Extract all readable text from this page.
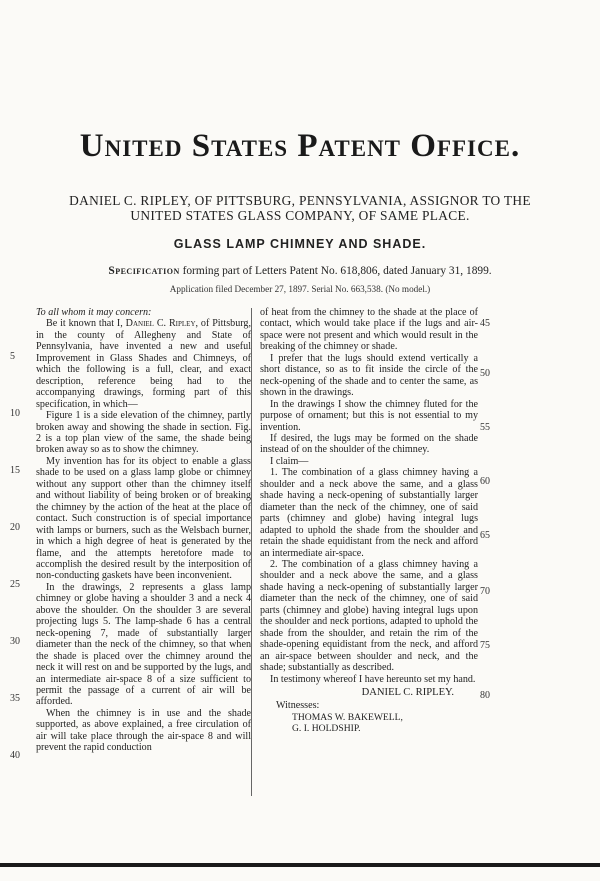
United States Patent Office.
DANIEL C. RIPLEY, OF PITTSBURG, PENNSYLVANIA, ASSIGNOR TO THE
UNITED STATES GLASS COMPANY, OF SAME PLACE.
GLASS LAMP CHIMNEY AND SHADE.
Specification forming part of Letters Patent No. 618,806, dated January 31, 1899.
Application filed December 27, 1897. Serial No. 663,538. (No model.)

To all whom it may concern:

Be it known that I, Daniel C. Ripley, of Pittsburg, in the county of Allegheny and State of Pennsylvania, have invented a new and useful Improvement in Glass Shades and Chimneys, of which the following is a full, clear, and exact description, reference being had to the accompanying drawings, forming part of this specification, in which—

Figure 1 is a side elevation of the chimney, partly broken away and showing the shade in section. Fig. 2 is a top plan view of the same, the shade being broken away so as to show the chimney.

My invention has for its object to enable a glass shade to be used on a glass lamp globe or chimney without any support other than the chimney itself and without liability of being broken or of breaking the chimney by the action of the heat at the place of contact. Such construction is of special importance with lamps or burners, such as the Welsbach burner, in which a high degree of heat is generated by the flame, and the attempts heretofore made to accomplish the desired result by the interposition of non-conducting gaskets have been inconvenient.

In the drawings, 2 represents a glass lamp chimney or globe having a shoulder 3 and a neck 4 above the shoulder. On the shoulder 3 are several projecting lugs 5. The lamp-shade 6 has a central neck-opening 7, made of substantially larger diameter than the neck of the chimney, so that when the shade is placed over the chimney around the neck it will rest on and be supported by the lugs, and an intermediate air-space 8 of a size sufficient to permit the passage of a current of air will be afforded.

When the chimney is in use and the shade supported, as above explained, a free circulation of air will take place through the air-space 8 and will prevent the rapid conduction

of heat from the chimney to the shade at the place of contact, which would take place if the lugs and air-space were not present and which would result in the breaking of the chimney or shade.

I prefer that the lugs should extend vertically a short distance, so as to fit inside the circle of the neck-opening of the shade and to center the same, as shown in the drawings.

In the drawings I show the chimney fluted for the purpose of ornament; but this is not essential to my invention.

If desired, the lugs may be formed on the shade instead of on the shoulder of the chimney.

I claim—

1. The combination of a glass chimney having a shoulder and a neck above the same, and a glass shade having a neck-opening of substantially larger diameter than the neck of the chimney, one of said parts (chimney and globe) having integral lugs adapted to uphold the shade from the shoulder and retain the shade equidistant from the neck and afford an intermediate air-space.

2. The combination of a glass chimney having a shoulder and a neck above the same, and a glass shade having a neck-opening of substantially larger diameter than the neck of the chimney, one of said parts (chimney and globe) having integral lugs upon the shoulder and neck portions, adapted to uphold the shade from the shoulder, and retain the rim of the shade-opening equidistant from the neck, and afford an air-space between shoulder and neck, and the shade; substantially as described.

In testimony whereof I have hereunto set my hand.

DANIEL C. RIPLEY.

Witnesses:

THOMAS W. BAKEWELL,

G. I. HOLDSHIP.

5
10
15
20
25
30
35
40
45
50
55
60
65
70
75
80
